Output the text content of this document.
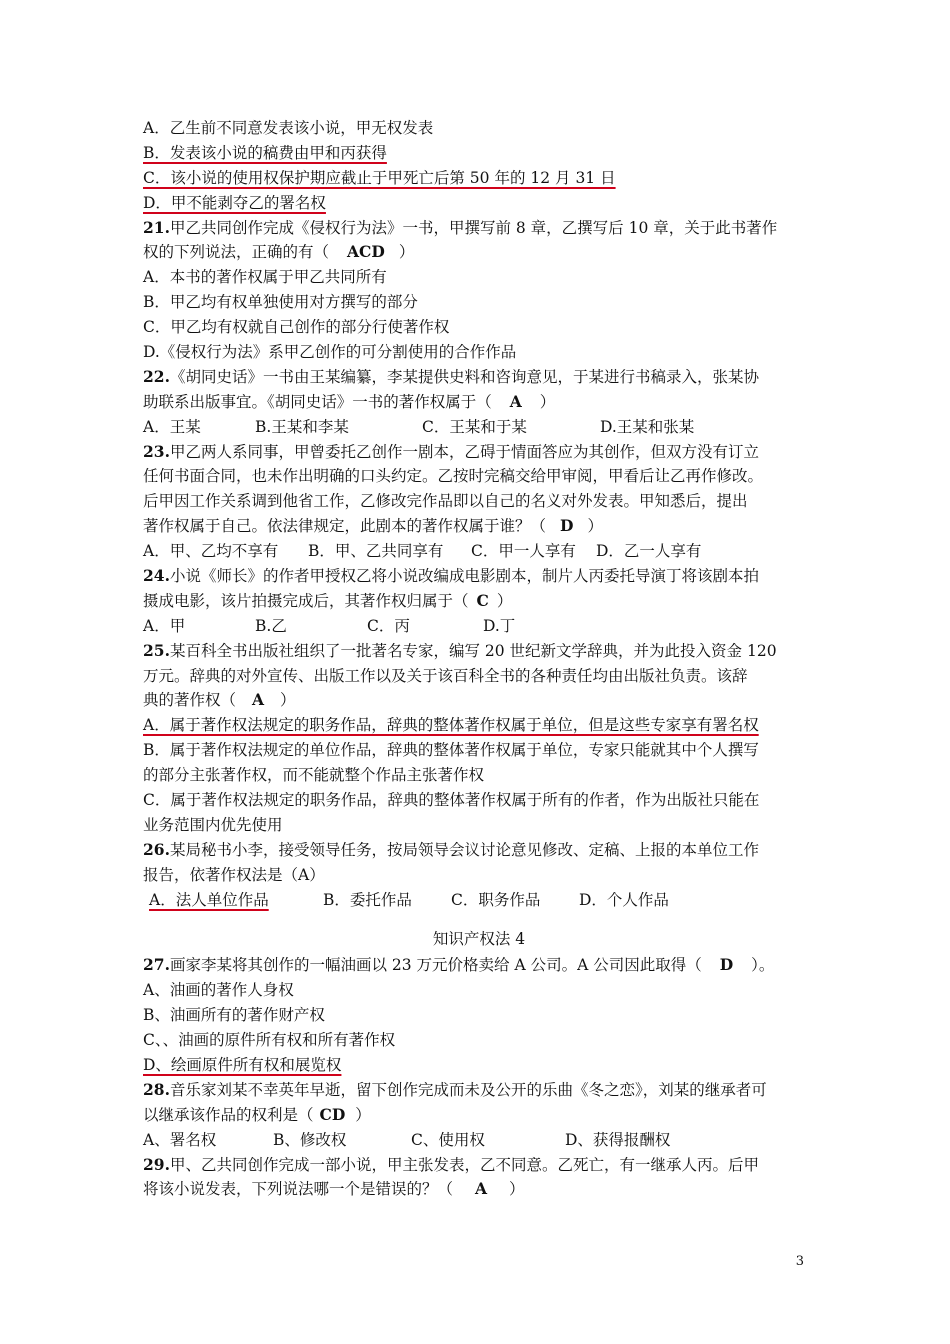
A．乙生前不同意发表该小说，甲无权发表
B．发表该小说的稿费由甲和丙获得
C．该小说的使用权保护期应截止于甲死亡后第 50 年的 12 月 31 日
D．甲不能剥夺乙的署名权
21.甲乙共同创作完成《侵权行为法》一书，甲撰写前 8 章，乙撰写后 10 章，关于此书著作
权的下列说法，正确的有（ ACD ）
A．本书的著作权属于甲乙共同所有
B．甲乙均有权单独使用对方撰写的部分
C．甲乙均有权就自己创作的部分行使著作权
D.《侵权行为法》系甲乙创作的可分割使用的合作作品
22.《胡同史话》一书由王某编纂，李某提供史料和咨询意见，于某进行书稿录入，张某协
助联系出版事宜。《胡同史话》一书的著作权属于（ A ）
A．王某	B.王某和李某	C．王某和于某	D.王某和张某
23.甲乙两人系同事，甲曾委托乙创作一剧本，乙碍于情面答应为其创作，但双方没有订立
任何书面合同，也未作出明确的口头约定。乙按时完稿交给甲审阅，甲看后让乙再作修改。
后甲因工作关系调到他省工作，乙修改完作品即以自己的名义对外发表。甲知悉后，提出
著作权属于自己。依法律规定，此剧本的著作权属于谁？（ D ）
A．甲、乙均不享有 B．甲、乙共同享有 C．甲一人享有 D．乙一人享有
24.小说《师长》的作者甲授权乙将小说改编成电影剧本，制片人丙委托导演丁将该剧本拍
摄成电影，该片拍摄完成后，其著作权归属于（ C ）
A．甲	B.乙	C．丙	D.丁
25.某百科全书出版社组织了一批著名专家，编写 20 世纪新文学辞典，并为此投入资金 120
万元。辞典的对外宣传、出版工作以及关于该百科全书的各种责任均由出版社负责。该辞
典的著作权（ A ）
A．属于著作权法规定的职务作品，辞典的整体著作权属于单位，但是这些专家享有署名权
B．属于著作权法规定的单位作品，辞典的整体著作权属于单位，专家只能就其中个人撰写
的部分主张著作权，而不能就整个作品主张著作权
C．属于著作权法规定的职务作品，辞典的整体著作权属于所有的作者，作为出版社只能在
业务范围内优先使用
26.某局秘书小李，接受领导任务，按局领导会议讨论意见修改、定稿、上报的本单位工作
报告，依著作权法是（A）
A．法人单位作品	B．委托作品	C．职务作品 D．个人作品
知识产权法 4
27.画家李某将其创作的一幅油画以 23 万元价格卖给 A 公司。A 公司因此取得（ D ）。
A、油画的著作人身权
B、油画所有的著作财产权
C、、油画的原件所有权和所有著作权
D、绘画原件所有权和展览权
28.音乐家刘某不幸英年早逝，留下创作完成而未及公开的乐曲《冬之恋》，刘某的继承者可
以继承该作品的权利是（ CD ）
A、署名权	B、修改权	C、使用权	D、获得报酬权
29.甲、乙共同创作完成一部小说，甲主张发表，乙不同意。乙死亡，有一继承人丙。后甲
将该小说发表，下列说法哪一个是错误的？（ A ）
3
